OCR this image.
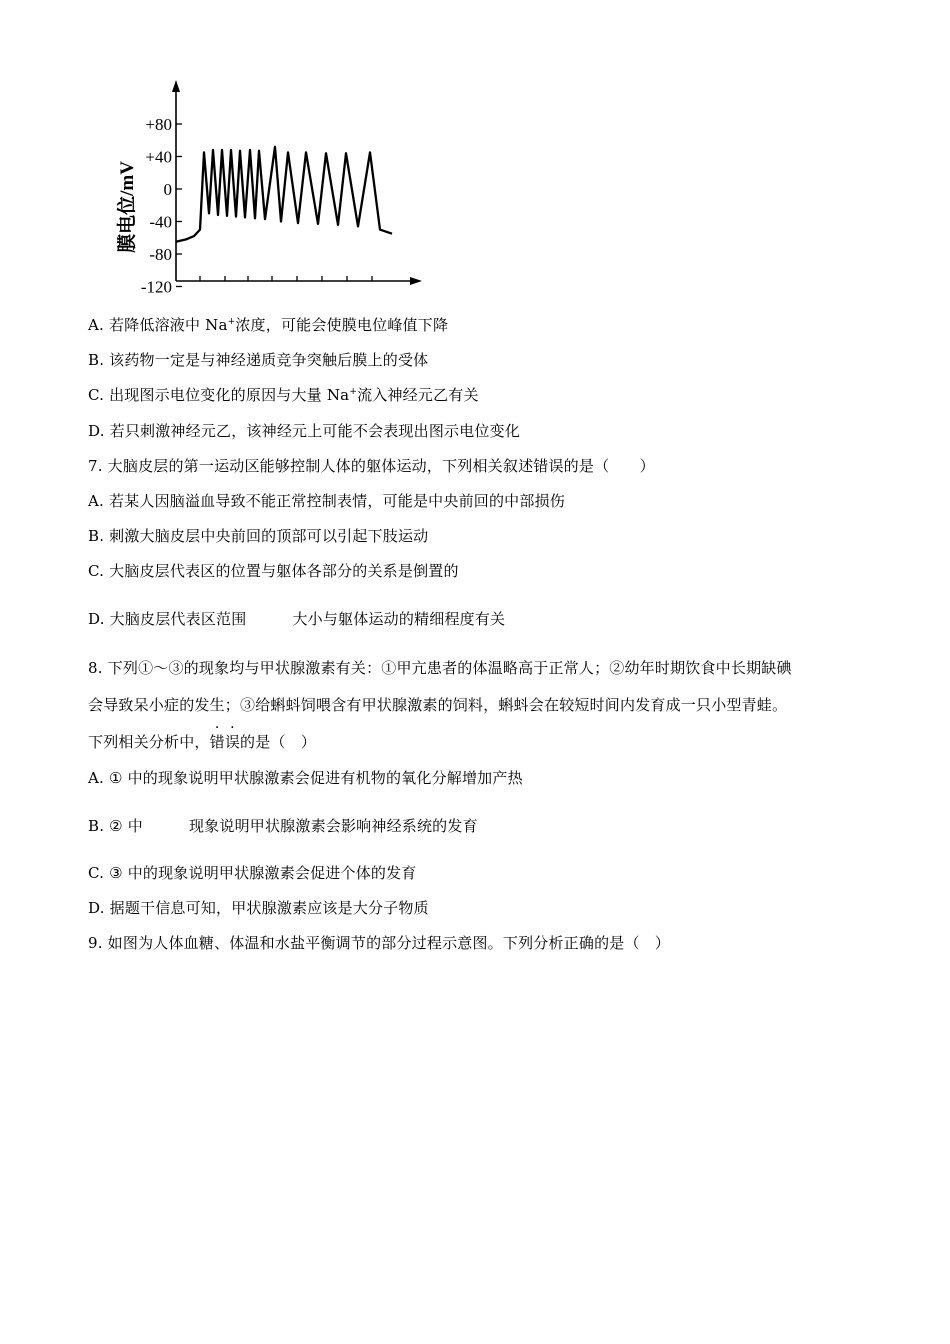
膜电位/mV
+80
+40
0
-40
-80
-120
A. 若降低溶液中 Na+浓度，可能会使膜电位峰值下降
B. 该药物一定是与神经递质竞争突触后膜上的受体
C. 出现图示电位变化的原因与大量 Na+流入神经元乙有关
D. 若只刺激神经元乙，该神经元上可能不会表现出图示电位变化
7. 大脑皮层的第一运动区能够控制人体的躯体运动，下列相关叙述错误的是（　　）
A. 若某人因脑溢血导致不能正常控制表情，可能是中央前回的中部损伤
B. 刺激大脑皮层中央前回的顶部可以引起下肢运动
C. 大脑皮层代表区的位置与躯体各部分的关系是倒置的
D. 大脑皮层代表区范围	大小与躯体运动的精细程度有关
8. 下列①～③的现象均与甲状腺激素有关：①甲亢患者的体温略高于正常人；②幼年时期饮食中长期缺碘
会导致呆小症的发生；③给蝌蚪饲喂含有甲状腺激素的饲料，蝌蚪会在较短时间内发育成一只小型青蛙。
下列相关分析中，错误的是（　）
A. ① 中的现象说明甲状腺激素会促进有机物的氧化分解增加产热
B. ② 中	现象说明甲状腺激素会影响神经系统的发育
C. ③ 中的现象说明甲状腺激素会促进个体的发育
D. 据题干信息可知，甲状腺激素应该是大分子物质
9. 如图为人体血糖、体温和水盐平衡调节的部分过程示意图。下列分析正确的是（　）
